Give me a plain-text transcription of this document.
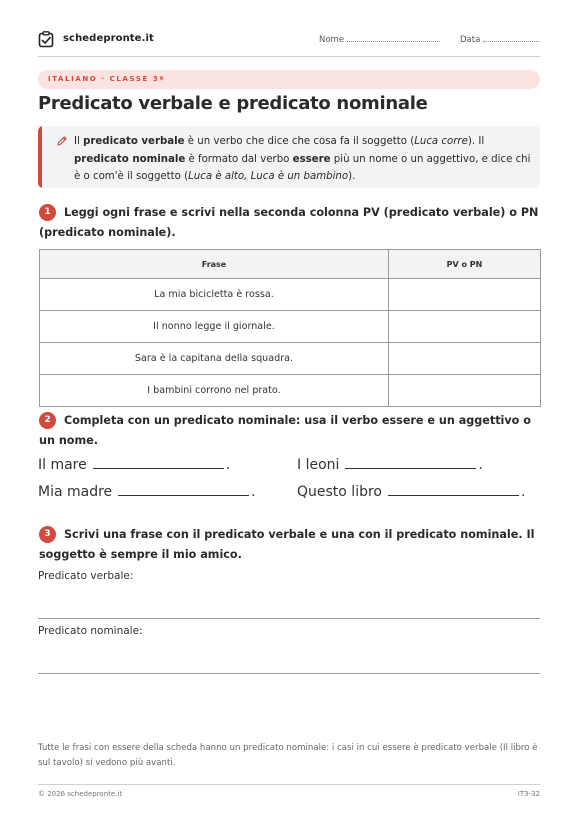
schedepronte.it	Nome	Data
ITALIANO · CLASSE 3ª
Predicato verbale e predicato nominale
Il predicato verbale è un verbo che dice che cosa fa il soggetto (Luca corre). Il predicato nominale è formato dal verbo essere più un nome o un aggettivo, e dice chi è o com'è il soggetto (Luca è alto, Luca è un bambino).
1	Leggi ogni frase e scrivi nella seconda colonna PV (predicato verbale) o PN (predicato nominale).
Frase	PV o PN
La mia bicicletta è rossa.	
Il nonno legge il giornale.	
Sara è la capitana della squadra.	
I bambini corrono nel prato.	
2	Completa con un predicato nominale: usa il verbo essere e un aggettivo o un nome.
Il mare	.	I leoni	.
Mia madre	.	Questo libro	.
3	Scrivi una frase con il predicato verbale e una con il predicato nominale. Il soggetto è sempre il mio amico.
Predicato verbale:
Predicato nominale:
Tutte le frasi con essere della scheda hanno un predicato nominale: i casi in cui essere è predicato verbale (Il libro è sul tavolo) si vedono più avanti.
© 2026 schedepronte.it	IT3-32
